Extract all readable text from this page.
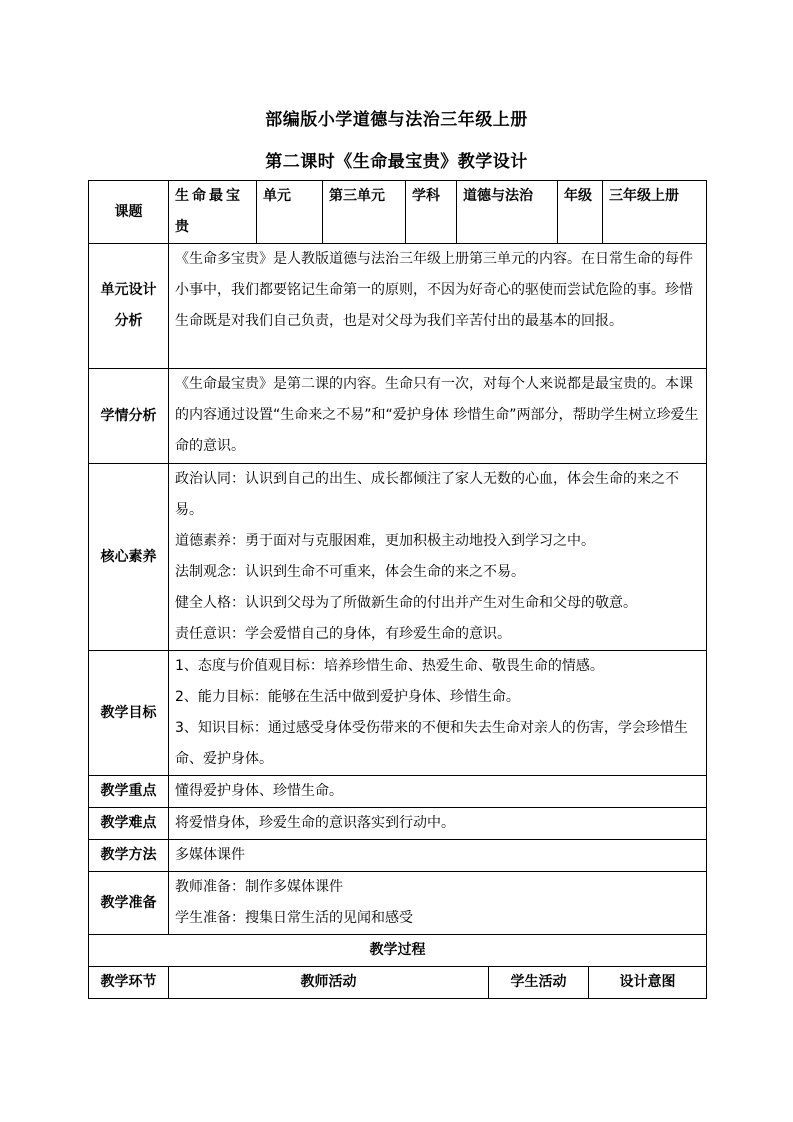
部编版小学道德与法治三年级上册
第二课时《生命最宝贵》教学设计
课题	生命最宝贵	单元	第三单元	学科	道德与法治	年级	三年级上册
单元设计分析	《生命多宝贵》是人教版道德与法治三年级上册第三单元的内容。在日常生命的每件小事中，我们都要铭记生命第一的原则，不因为好奇心的驱使而尝试危险的事。珍惜生命既是对我们自己负责，也是对父母为我们辛苦付出的最基本的回报。						
学情分析	《生命最宝贵》是第二课的内容。生命只有一次，对每个人来说都是最宝贵的。本课的内容通过设置“生命来之不易”和“爱护身体 珍惜生命”两部分，帮助学生树立珍爱生命的意识。						
核心素养	政治认同：认识到自己的出生、成长都倾注了家人无数的心血，体会生命的来之不易。
道德素养：勇于面对与克服困难，更加积极主动地投入到学习之中。
法制观念：认识到生命不可重来，体会生命的来之不易。
健全人格：认识到父母为了所做新生命的付出并产生对生命和父母的敬意。
责任意识：学会爱惜自己的身体，有珍爱生命的意识。						

教学目标	1、态度与价值观目标：培养珍惜生命、热爱生命、敬畏生命的情感。
2、能力目标：能够在生活中做到爱护身体、珍惜生命。
3、知识目标：通过感受身体受伤带来的不便和失去生命对亲人的伤害，学会珍惜生命、爱护身体。						

教学重点	懂得爱护身体、珍惜生命。						
教学难点	将爱惜身体，珍爱生命的意识落实到行动中。						
教学方法	多媒体课件						
教学准备	教师准备：制作多媒体课件
学生准备：搜集日常生活的见闻和感受						

教学过程							
教学环节	教师活动	学生活动	设计意图
